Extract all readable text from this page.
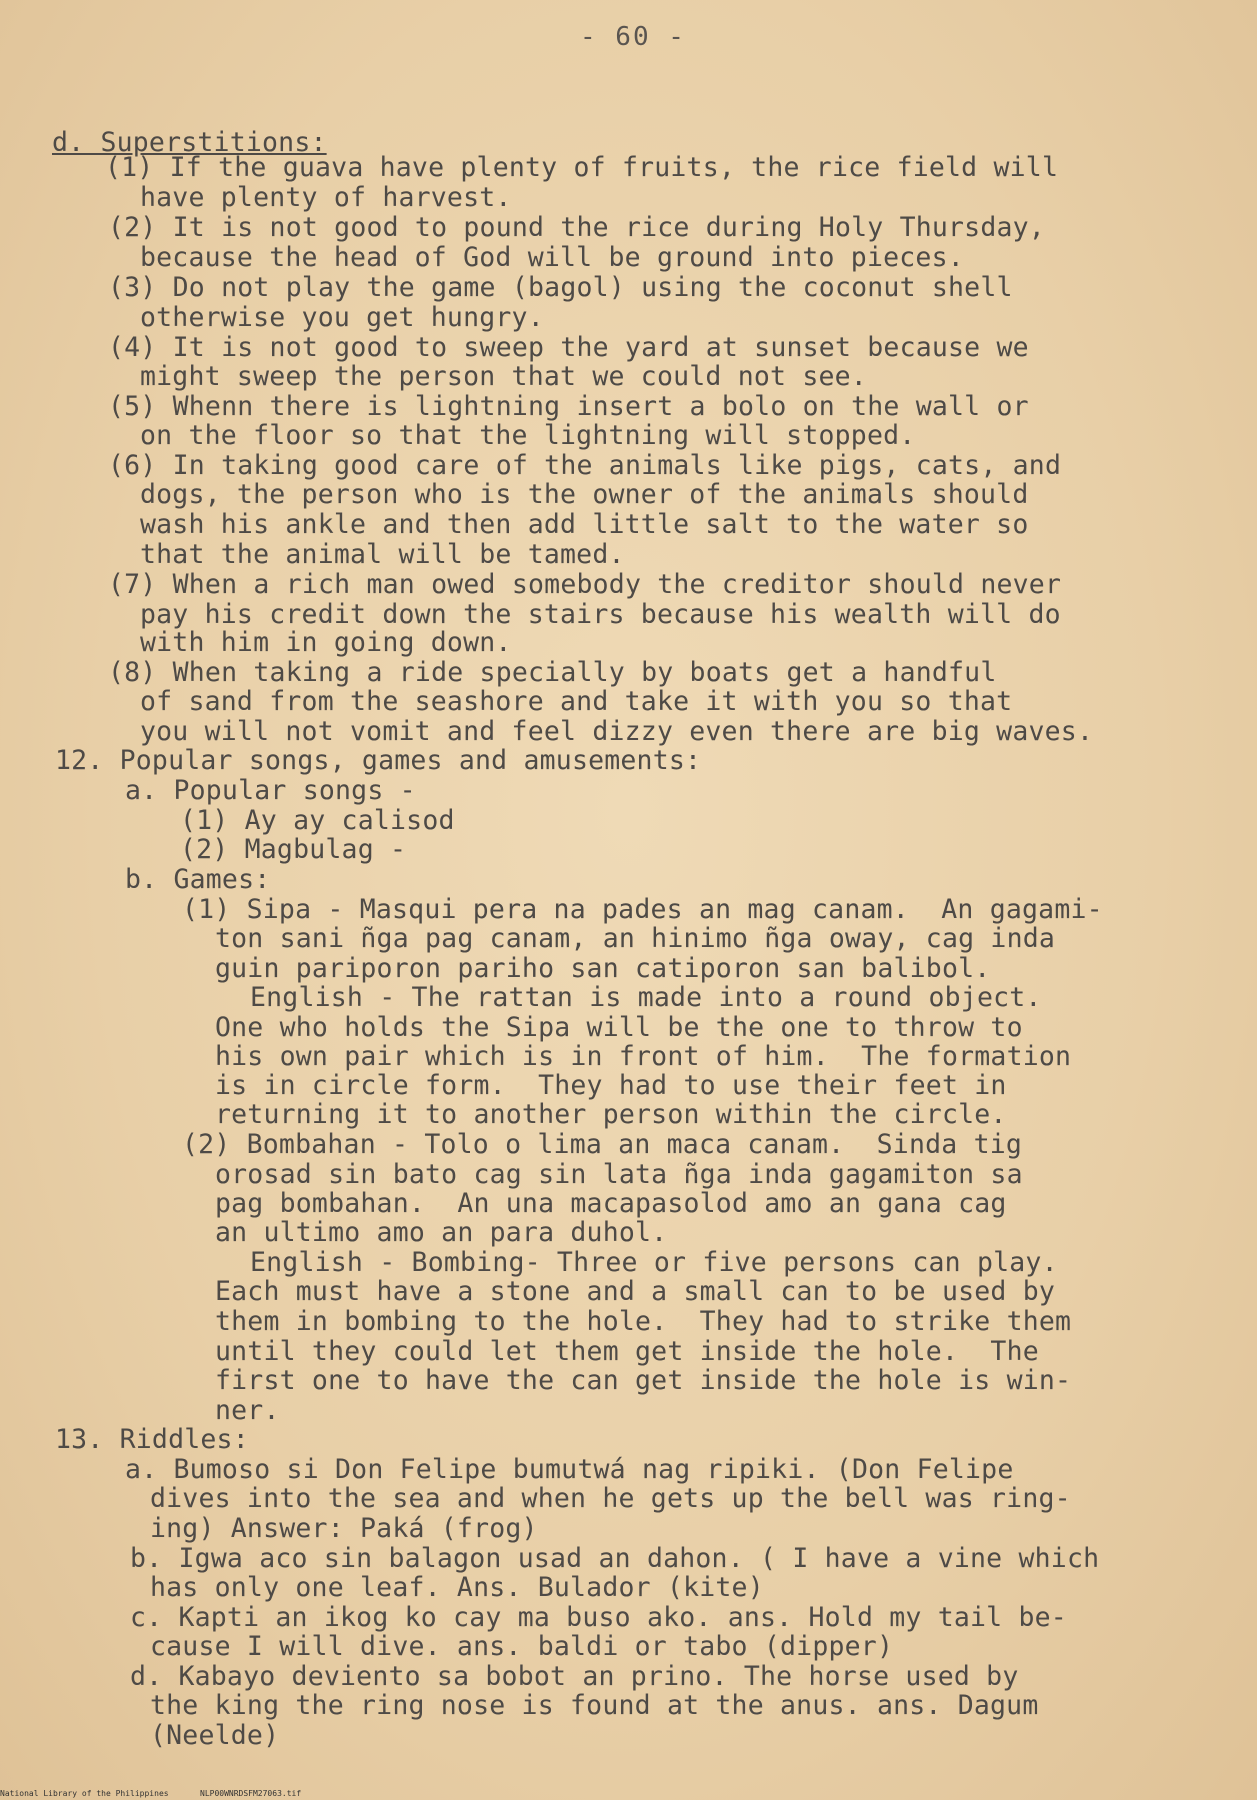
- 60 -
d. Superstitions:
(1) If the guava have plenty of fruits, the rice field will
have plenty of harvest.
(2) It is not good to pound the rice during Holy Thursday,
because the head of God will be ground into pieces.
(3) Do not play the game (bagol) using the coconut shell
otherwise you get hungry.
(4) It is not good to sweep the yard at sunset because we
might sweep the person that we could not see.
(5) Whenn there is lightning insert a bolo on the wall or
on the floor so that the lightning will stopped.
(6) In taking good care of the animals like pigs, cats, and
dogs, the person who is the owner of the animals should
wash his ankle and then add little salt to the water so
that the animal will be tamed.
(7) When a rich man owed somebody the creditor should never
pay his credit down the stairs because his wealth will do
with him in going down.
(8) When taking a ride specially by boats get a handful
of sand from the seashore and take it with you so that
you will not vomit and feel dizzy even there are big waves.
12. Popular songs, games and amusements:
a. Popular songs -
(1) Ay ay calisod
(2) Magbulag -
b. Games:
(1) Sipa - Masqui pera na pades an mag canam.  An gagami-
ton sani ñga pag canam, an hinimo ñga oway, cag inda
guin pariporon pariho san catiporon san balibol.
English - The rattan is made into a round object.
One who holds the Sipa will be the one to throw to
his own pair which is in front of him.  The formation
is in circle form.  They had to use their feet in
returning it to another person within the circle.
(2) Bombahan - Tolo o lima an maca canam.  Sinda tig
orosad sin bato cag sin lata ñga inda gagamiton sa
pag bombahan.  An una macapasolod amo an gana cag
an ultimo amo an para duhol.
English - Bombing- Three or five persons can play.
Each must have a stone and a small can to be used by
them in bombing to the hole.  They had to strike them
until they could let them get inside the hole.  The
first one to have the can get inside the hole is win-
ner.
13. Riddles:
a. Bumoso si Don Felipe bumutwá nag ripiki. (Don Felipe
dives into the sea and when he gets up the bell was ring-
ing) Answer: Paká (frog)
b. Igwa aco sin balagon usad an dahon. ( I have a vine which
has only one leaf. Ans. Bulador (kite)
c. Kapti an ikog ko cay ma buso ako. ans. Hold my tail be-
cause I will dive. ans. baldi or tabo (dipper)
d. Kabayo deviento sa bobot an prino. The horse used by
the king the ring nose is found at the anus. ans. Dagum
(Neelde)
National Library of the Philippines	NLP00WNRDSFM27063.tif
